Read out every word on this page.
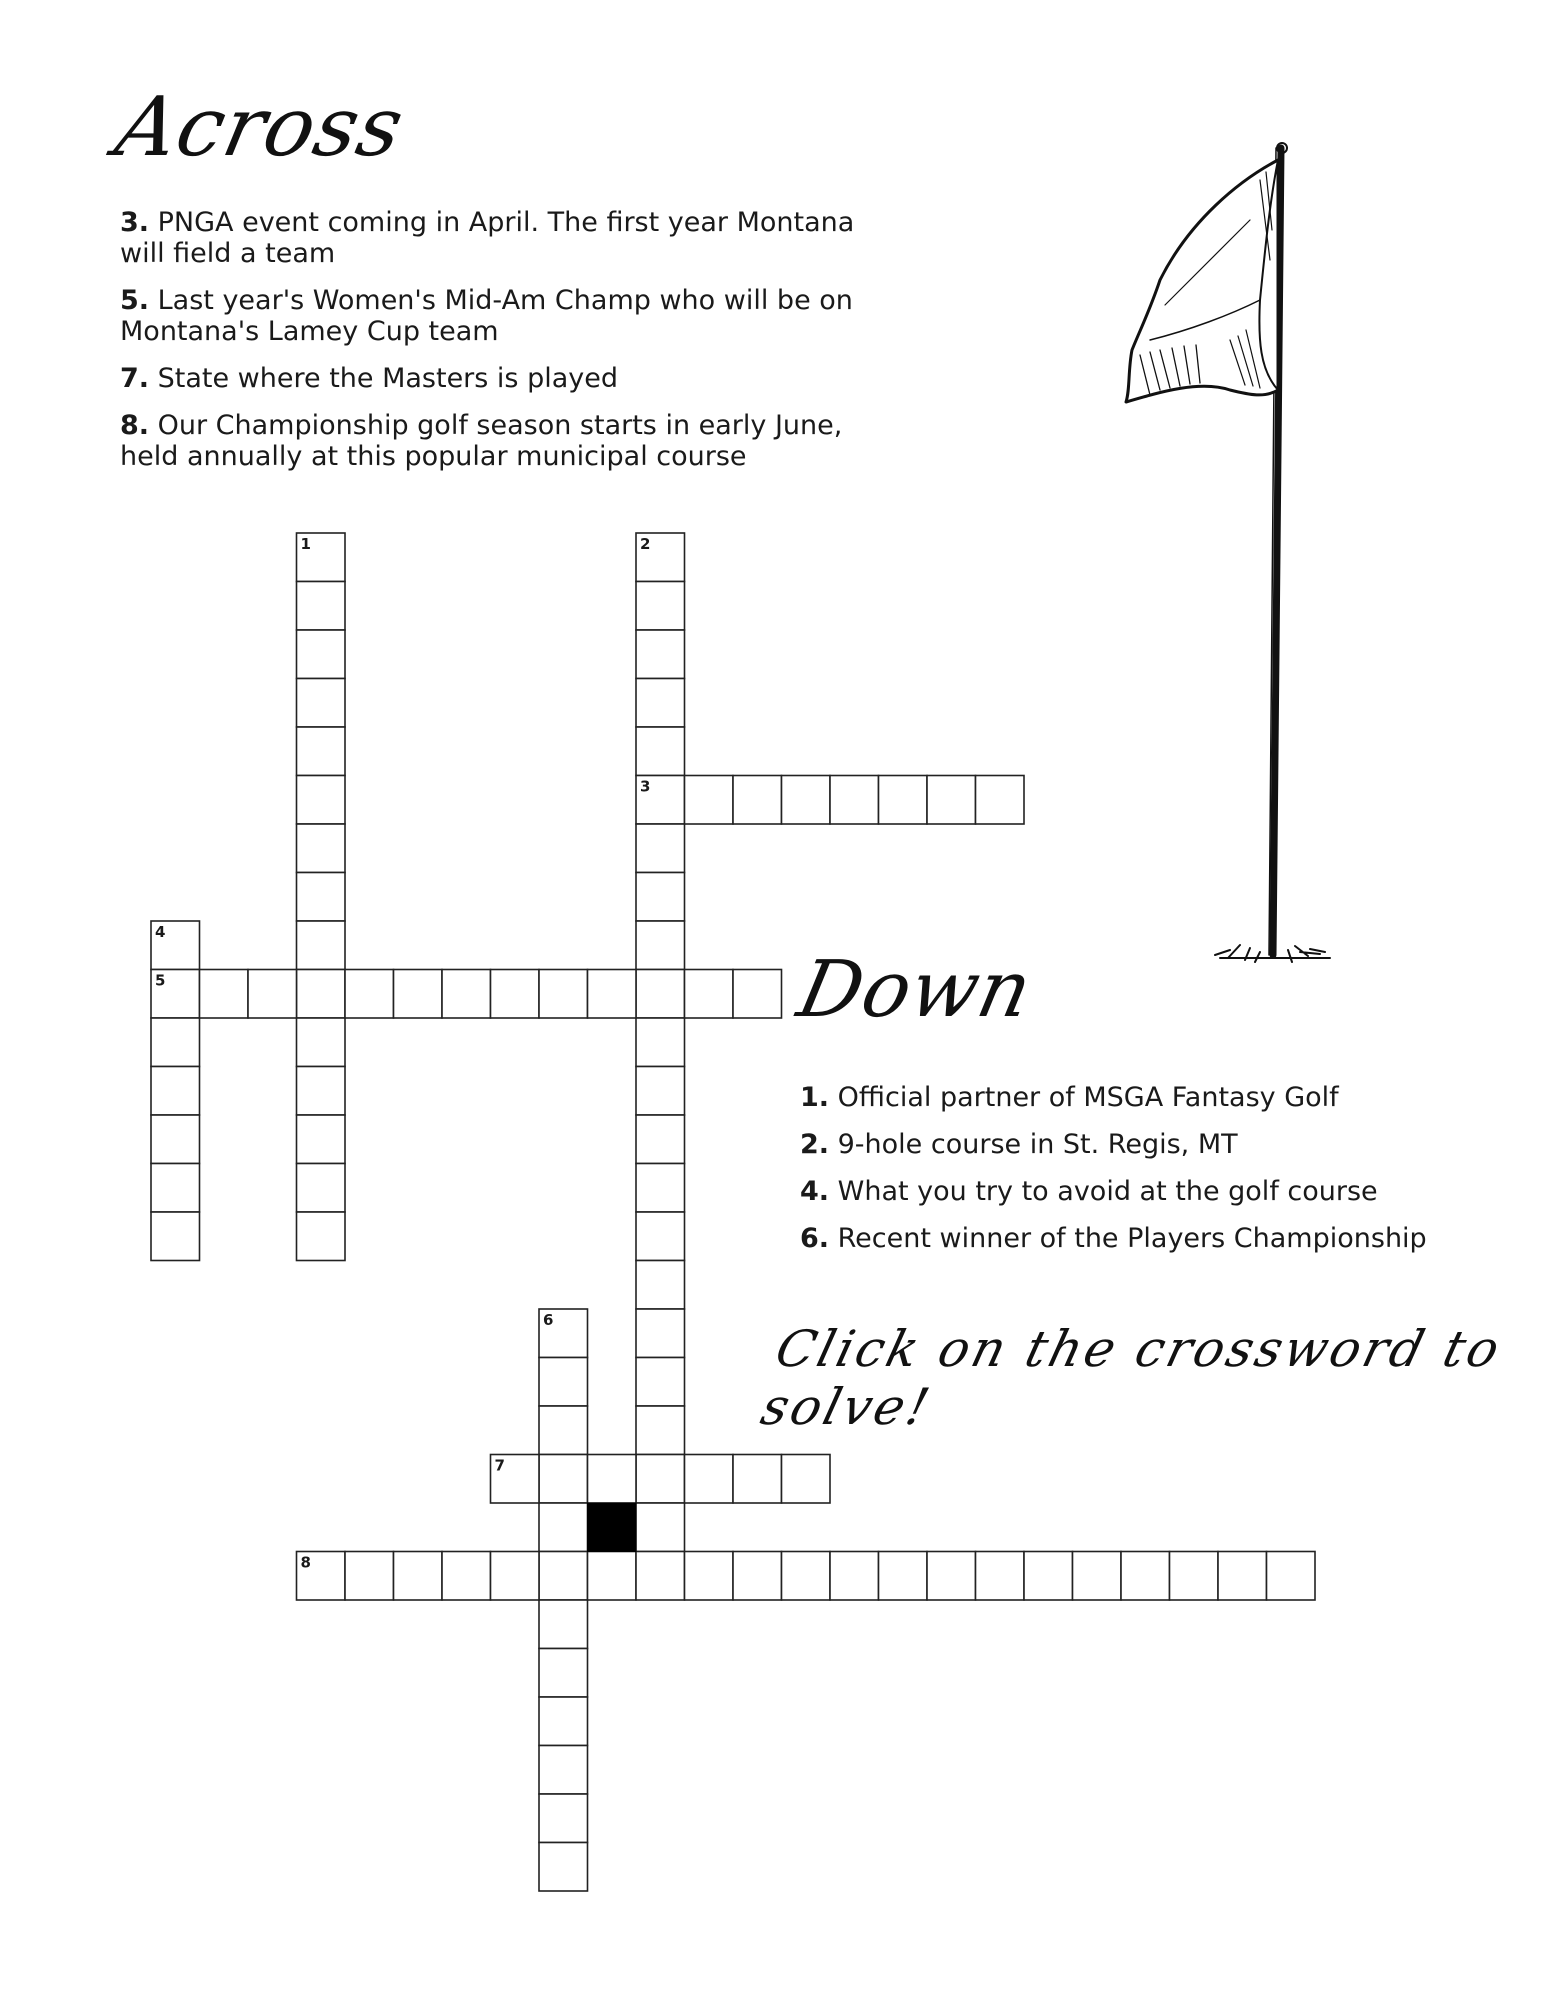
Across

3. PNGA event coming in April. The first year Montana will field a team

5. Last year's Women's Mid-Am Champ who will be on Montana's Lamey Cup team

7. State where the Masters is played

8. Our Championship golf season starts in early June, held annually at this popular municipal course

Down

1. Official partner of MSGA Fantasy Golf

2. 9-hole course in St. Regis, MT

4. What you try to avoid at the golf course

6. Recent winner of the Players Championship

Click on the crossword to solve!
1	2
3
4
5
6
7
8
